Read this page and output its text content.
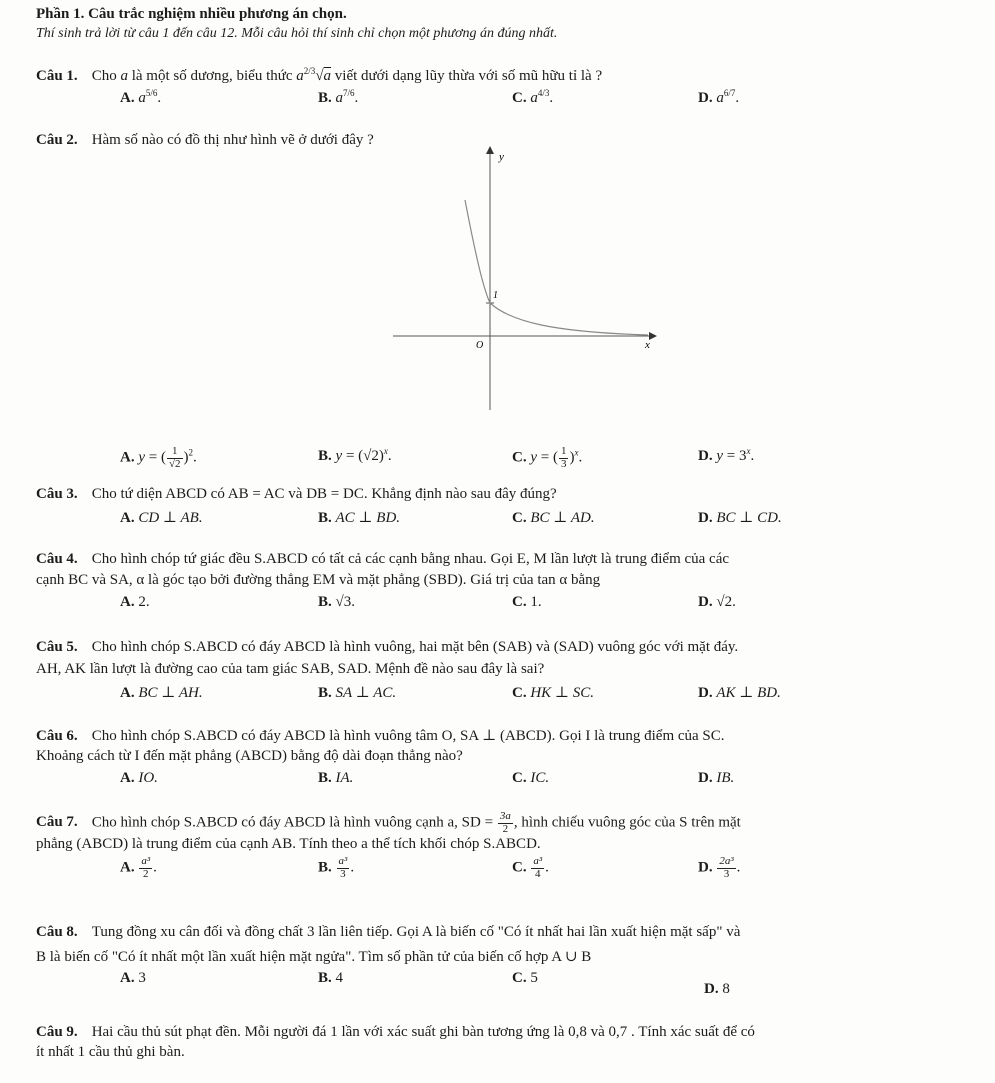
Phần 1. Câu trắc nghiệm nhiều phương án chọn.
Thí sinh trả lời từ câu 1 đến câu 12. Mỗi câu hỏi thí sinh chỉ chọn một phương án đúng nhất.
Câu 1. Cho a là một số dương, biểu thức $a^{2/3}√a$ viết dưới dạng lũy thừa với số mũ hữu tỉ là ?
A. $a^{5/6}$.	B. $a^{7/6}$.	C. $a^{4/3}$.	D. $a^{6/7}$.
Câu 2. Hàm số nào có đồ thị như hình vẽ ở dưới đây ?
y
x
O
1
A. y = ( $\frac{1}{√2} )^2$.	B. $y = (√2)^x$.	C. y = ( $\frac{1}{3} )^x$.	D. $y = 3^x$.
Câu 3. Cho tứ diện ABCD có AB = AC và DB = DC. Khẳng định nào sau đây đúng?
A. CD ⊥ AB.	B. AC ⊥ BD.	C. BC ⊥ AD.	D. BC ⊥ CD.
Câu 4. Cho hình chóp tứ giác đều S.ABCD có tất cả các cạnh bằng nhau. Gọi E, M lần lượt là trung điểm của các
cạnh BC và SA, α là góc tạo bởi đường thẳng EM và mặt phẳng (SBD). Giá trị của tan α bằng
A. 2.	B. √3.	C. 1.	D. √2.
Câu 5. Cho hình chóp S.ABCD có đáy ABCD là hình vuông, hai mặt bên (SAB) và (SAD) vuông góc với mặt đáy.
AH, AK lần lượt là đường cao của tam giác SAB, SAD. Mệnh đề nào sau đây là sai?
A. BC ⊥ AH.	B. SA ⊥ AC.	C. HK ⊥ SC.	D. AK ⊥ BD.
Câu 6. Cho hình chóp S.ABCD có đáy ABCD là hình vuông tâm O, SA ⊥ (ABCD). Gọi I là trung điểm của SC.
Khoảng cách từ I đến mặt phẳng (ABCD) bằng độ dài đoạn thẳng nào?
A. IO.	B. IA.	C. IC.	D. IB.
Câu 7. Cho hình chóp S.ABCD có đáy ABCD là hình vuông cạnh a, SD = $\frac{3a}{2}$ , hình chiếu vuông góc của S trên mặt
phẳng (ABCD) là trung điểm của cạnh AB. Tính theo a thể tích khối chóp S.ABCD.
A. $\frac{\text{a³}}{2}$ .	B. $\frac{\text{a³}}{3}$ .	C. $\frac{\text{a³}}{4}$ .	D. $\frac{\text{2a³}}{3}$ .
Câu 8. Tung đồng xu cân đối và đồng chất 3 lần liên tiếp. Gọi A là biến cố "Có ít nhất hai lần xuất hiện mặt sấp" và
B là biến cố "Có ít nhất một lần xuất hiện mặt ngửa". Tìm số phần tử của biến cố hợp A ∪ B
A. 3	B. 4	C. 5
D. 8
Câu 9. Hai cầu thủ sút phạt đền. Mỗi người đá 1 lần với xác suất ghi bàn tương ứng là 0,8 và 0,7 . Tính xác suất để có
ít nhất 1 cầu thủ ghi bàn.
